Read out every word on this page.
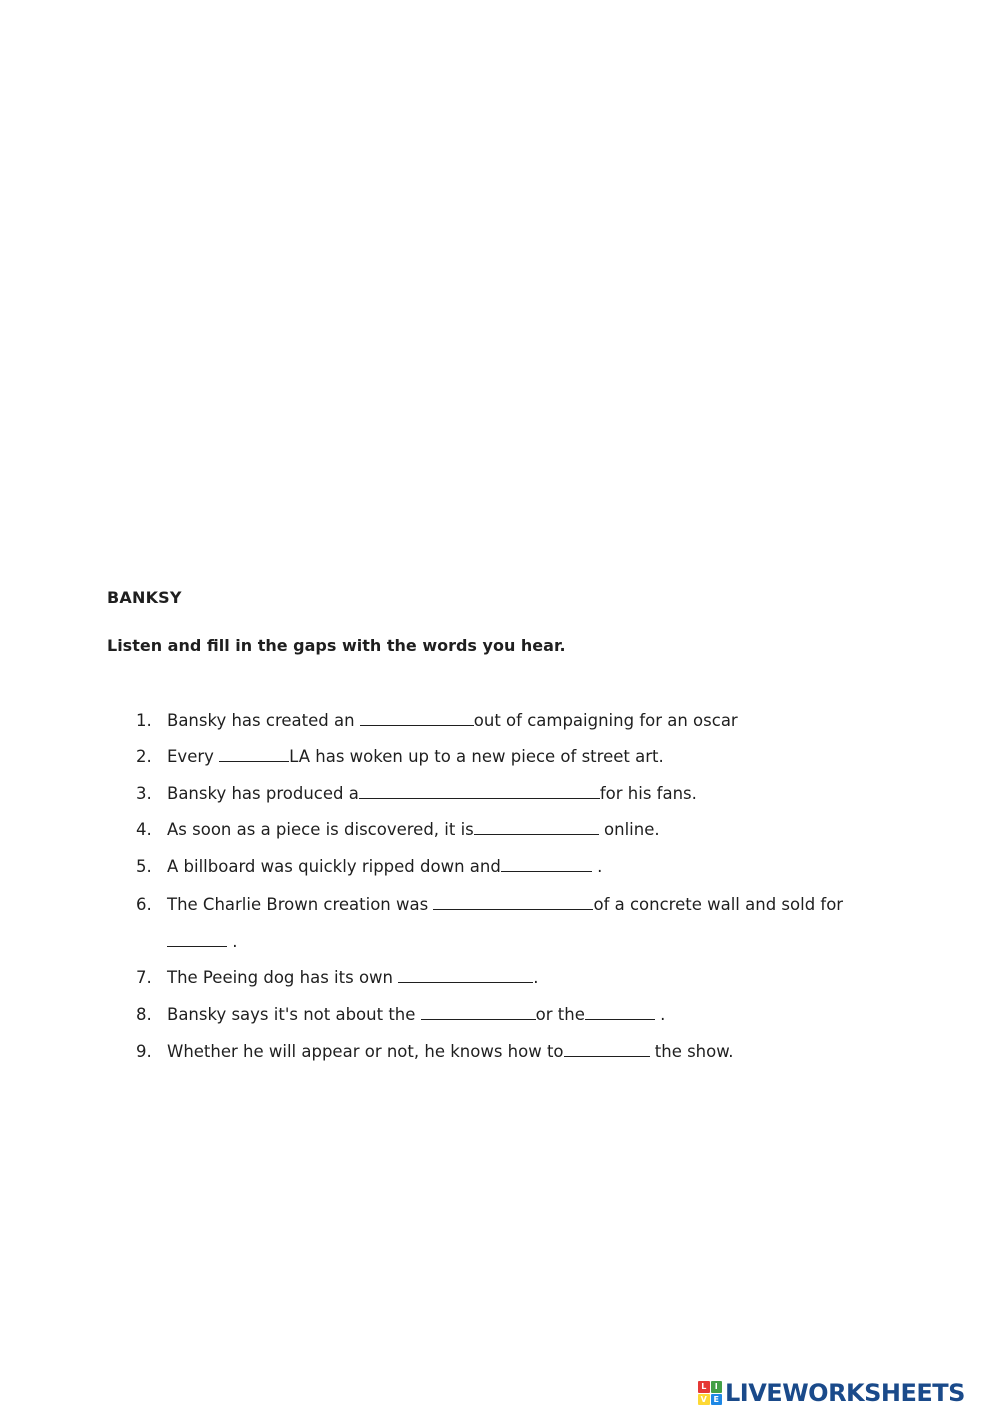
BANKSY

Listen and fill in the gaps with the words you hear.

1. Bansky has created an	out of campaigning for an oscar
2. Every	LA has woken up to a new piece of street art.
3. Bansky has produced a	for his fans.
4. As soon as a piece is discovered, it is	online.
5. A billboard was quickly ripped down and	.
6. The Charlie Brown creation was	of a concrete wall and sold for
.
7. The Peeing dog has its own	.
8. Bansky says it's not about the	or the	.
9. Whether he will appear or not, he knows how to	the show.
L	I
V E LIVEWORKSHEETS
